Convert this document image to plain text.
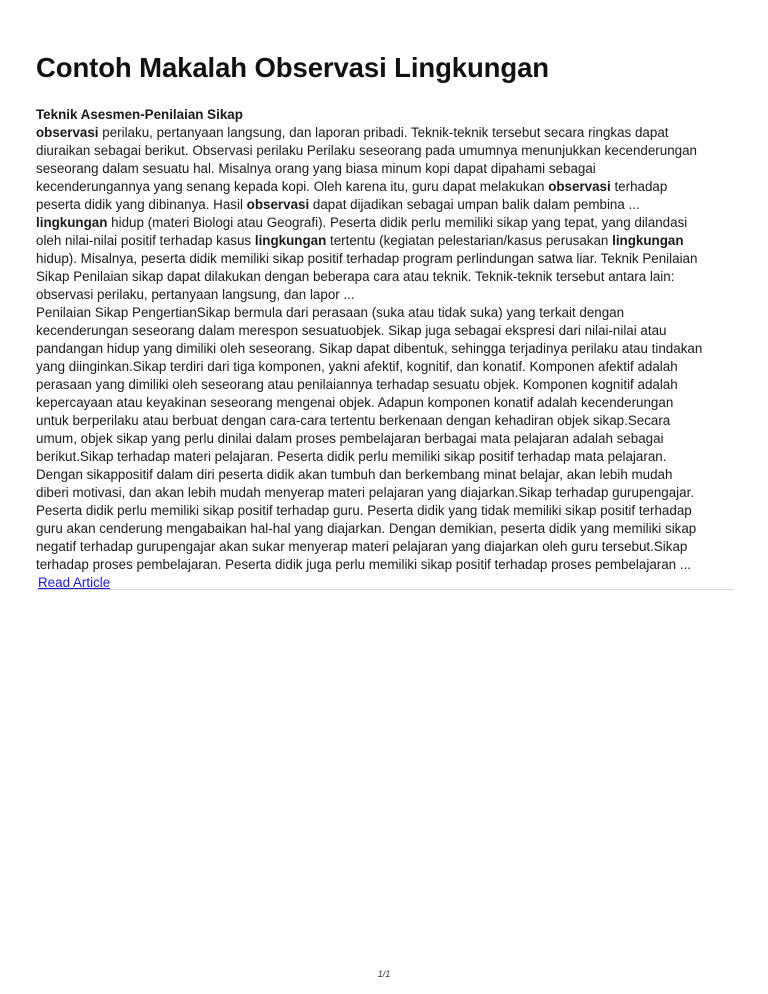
Contoh Makalah Observasi Lingkungan

Teknik Asesmen-Penilaian Sikap

observasi perilaku, pertanyaan langsung, dan laporan pribadi. Teknik-teknik tersebut secara ringkas dapat
diuraikan sebagai berikut. Observasi perilaku Perilaku seseorang pada umumnya menunjukkan kecenderungan
seseorang dalam sesuatu hal. Misalnya orang yang biasa minum kopi dapat dipahami sebagai
kecenderungannya yang senang kepada kopi. Oleh karena itu, guru dapat melakukan observasi terhadap
peserta didik yang dibinanya. Hasil observasi dapat dijadikan sebagai umpan balik dalam pembina ...
lingkungan hidup (materi Biologi atau Geografi). Peserta didik perlu memiliki sikap yang tepat, yang dilandasi
oleh nilai-nilai positif terhadap kasus lingkungan tertentu (kegiatan pelestarian/kasus perusakan lingkungan
hidup). Misalnya, peserta didik memiliki sikap positif terhadap program perlindungan satwa liar. Teknik Penilaian
Sikap Penilaian sikap dapat dilakukan dengan beberapa cara atau teknik. Teknik-teknik tersebut antara lain:
observasi perilaku, pertanyaan langsung, dan lapor ...
Penilaian Sikap PengertianSikap bermula dari perasaan (suka atau tidak suka) yang terkait dengan
kecenderungan seseorang dalam merespon sesuatuobjek. Sikap juga sebagai ekspresi dari nilai-nilai atau
pandangan hidup yang dimiliki oleh seseorang. Sikap dapat dibentuk, sehingga terjadinya perilaku atau tindakan
yang diinginkan.Sikap terdiri dari tiga komponen, yakni afektif, kognitif, dan konatif. Komponen afektif adalah
perasaan yang dimiliki oleh seseorang atau penilaiannya terhadap sesuatu objek. Komponen kognitif adalah
kepercayaan atau keyakinan seseorang mengenai objek. Adapun komponen konatif adalah kecenderungan
untuk berperilaku atau berbuat dengan cara-cara tertentu berkenaan dengan kehadiran objek sikap.Secara
umum, objek sikap yang perlu dinilai dalam proses pembelajaran berbagai mata pelajaran adalah sebagai
berikut.Sikap terhadap materi pelajaran. Peserta didik perlu memiliki sikap positif terhadap mata pelajaran.
Dengan sikappositif dalam diri peserta didik akan tumbuh dan berkembang minat belajar, akan lebih mudah
diberi motivasi, dan akan lebih mudah menyerap materi pelajaran yang diajarkan.Sikap terhadap gurupengajar.
Peserta didik perlu memiliki sikap positif terhadap guru. Peserta didik yang tidak memiliki sikap positif terhadap
guru akan cenderung mengabaikan hal-hal yang diajarkan. Dengan demikian, peserta didik yang memiliki sikap
negatif terhadap gurupengajar akan sukar menyerap materi pelajaran yang diajarkan oleh guru tersebut.Sikap
terhadap proses pembelajaran. Peserta didik juga perlu memiliki sikap positif terhadap proses pembelajaran ...
Read Article
1/1
